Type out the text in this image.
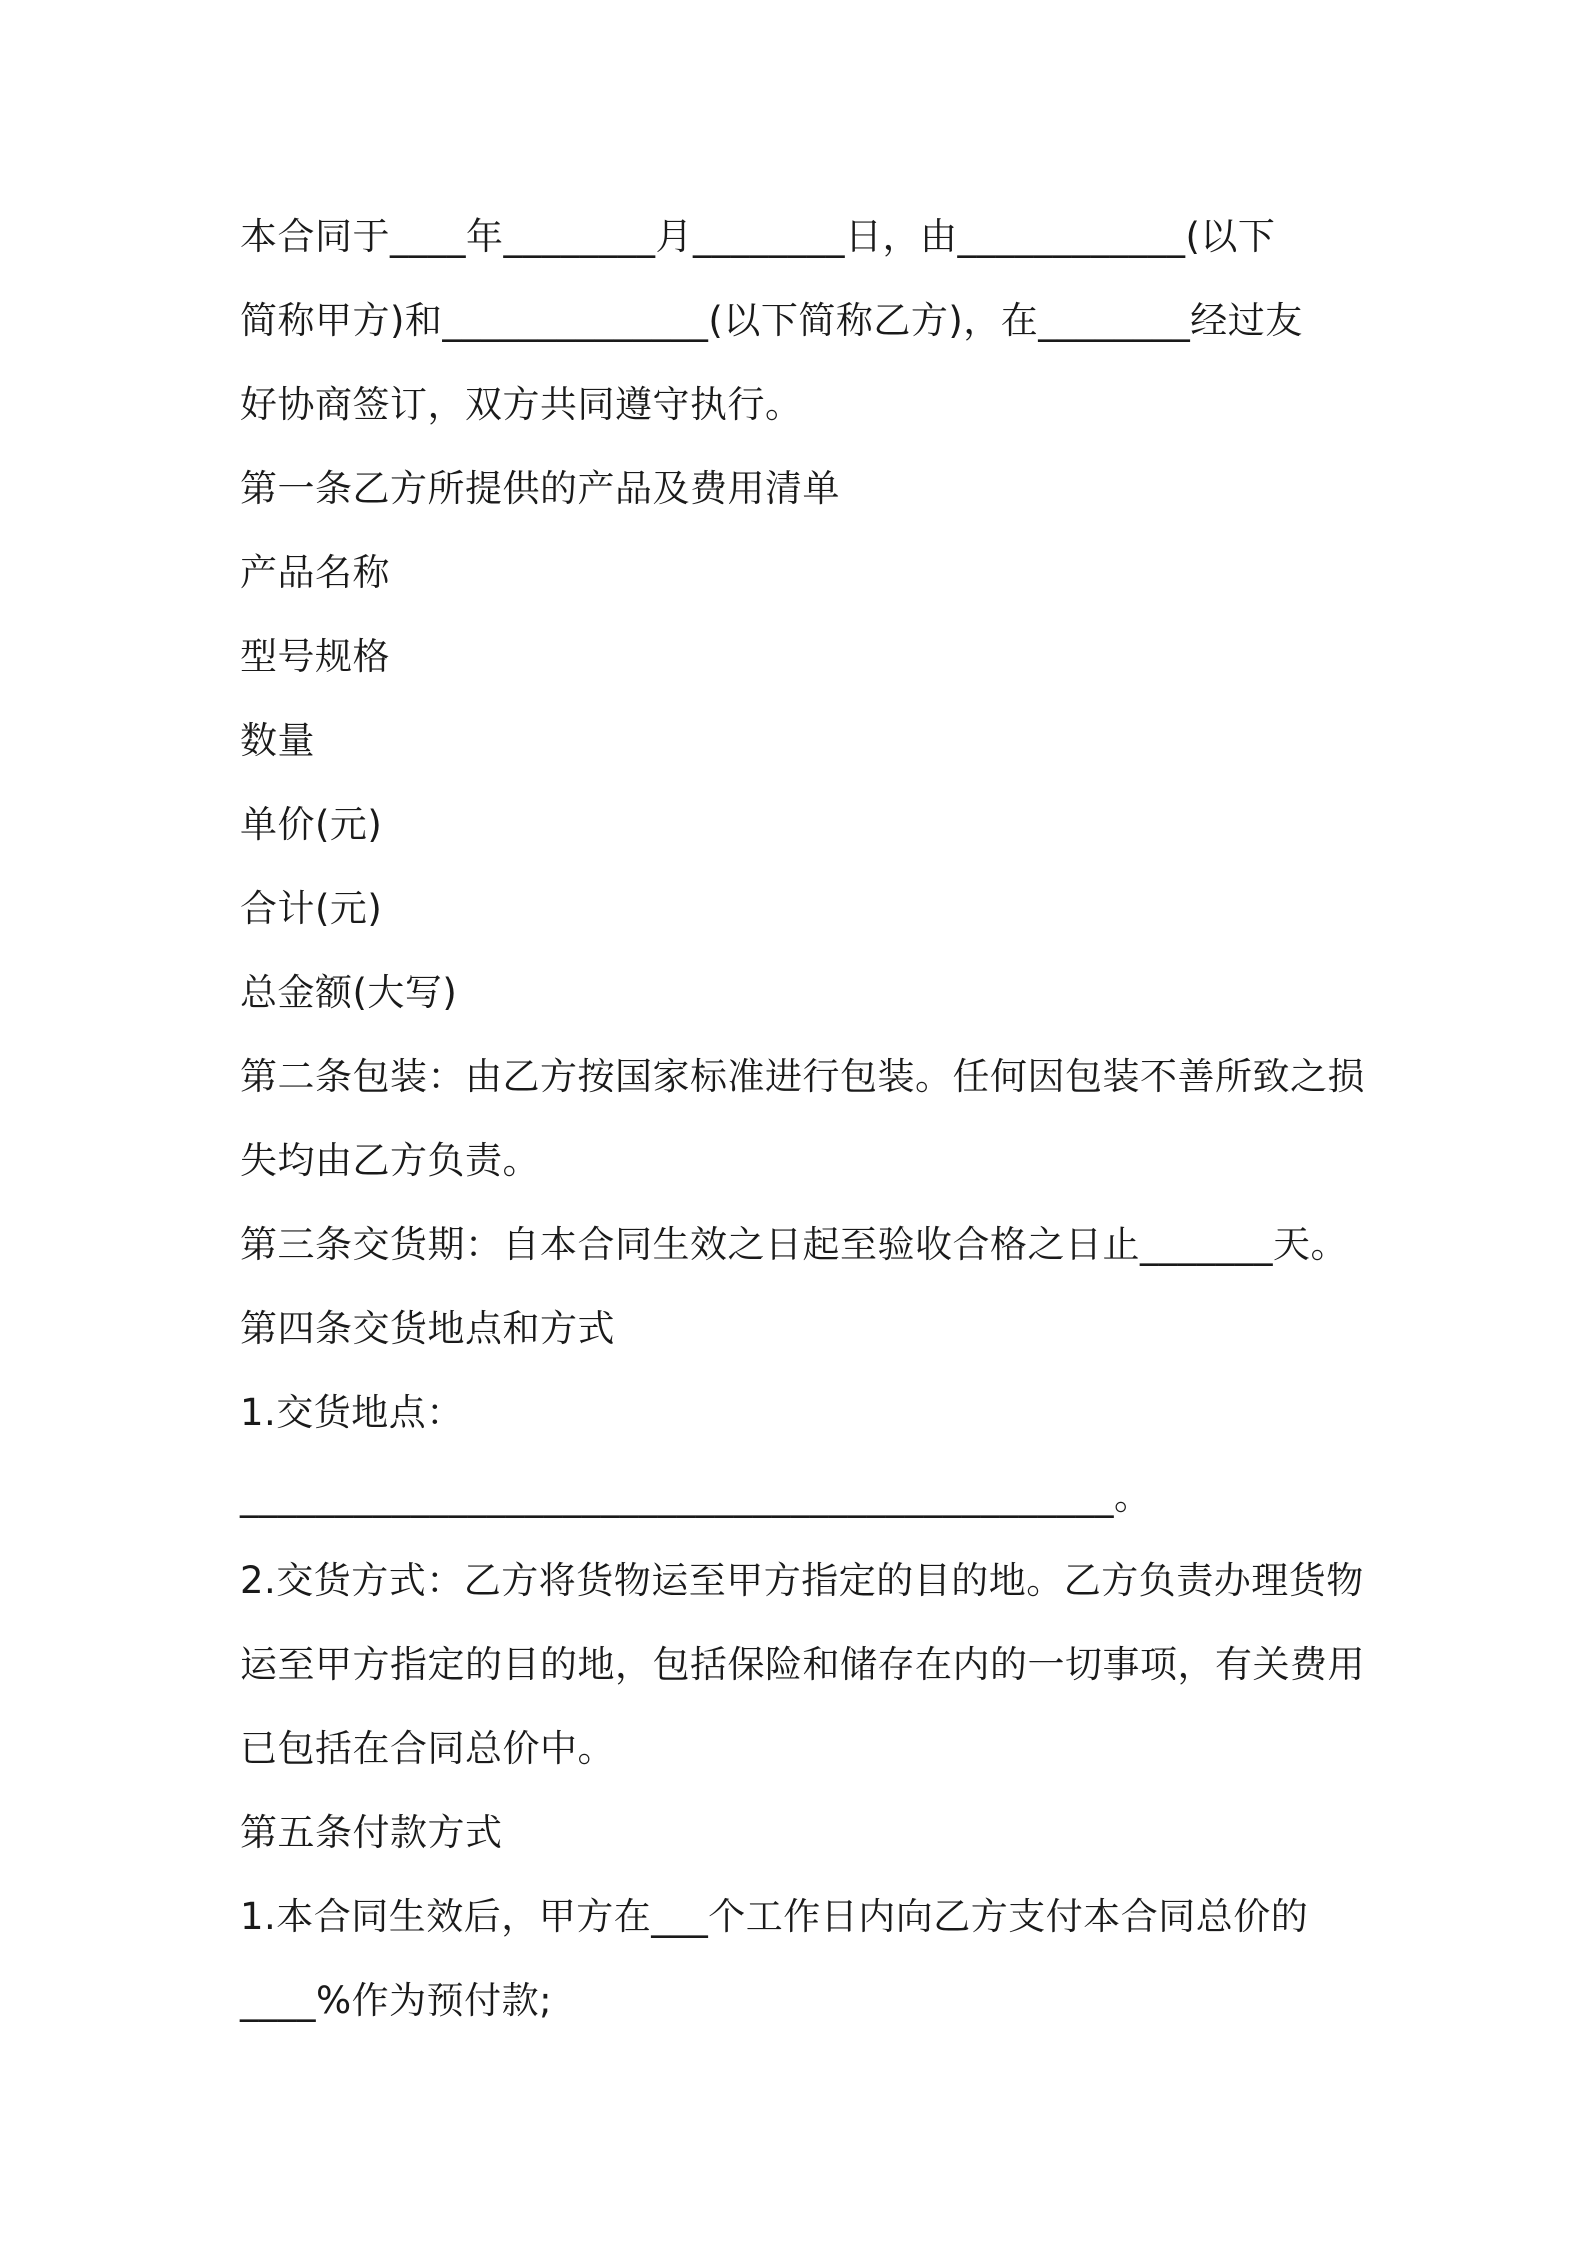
本合同于____年________月________日，由____________(以下
简称甲方)和______________(以下简称乙方)，在________经过友
好协商签订，双方共同遵守执行。
第一条乙方所提供的产品及费用清单
产品名称
型号规格
数量
单价(元)
合计(元)
总金额(大写)
第二条包装：由乙方按国家标准进行包装。任何因包装不善所致之损
失均由乙方负责。
第三条交货期：自本合同生效之日起至验收合格之日止_______天。
第四条交货地点和方式
1.交货地点：
______________________________________________。
2.交货方式：乙方将货物运至甲方指定的目的地。乙方负责办理货物
运至甲方指定的目的地，包括保险和储存在内的一切事项，有关费用
已包括在合同总价中。
第五条付款方式
1.本合同生效后，甲方在___个工作日内向乙方支付本合同总价的
____%作为预付款;
